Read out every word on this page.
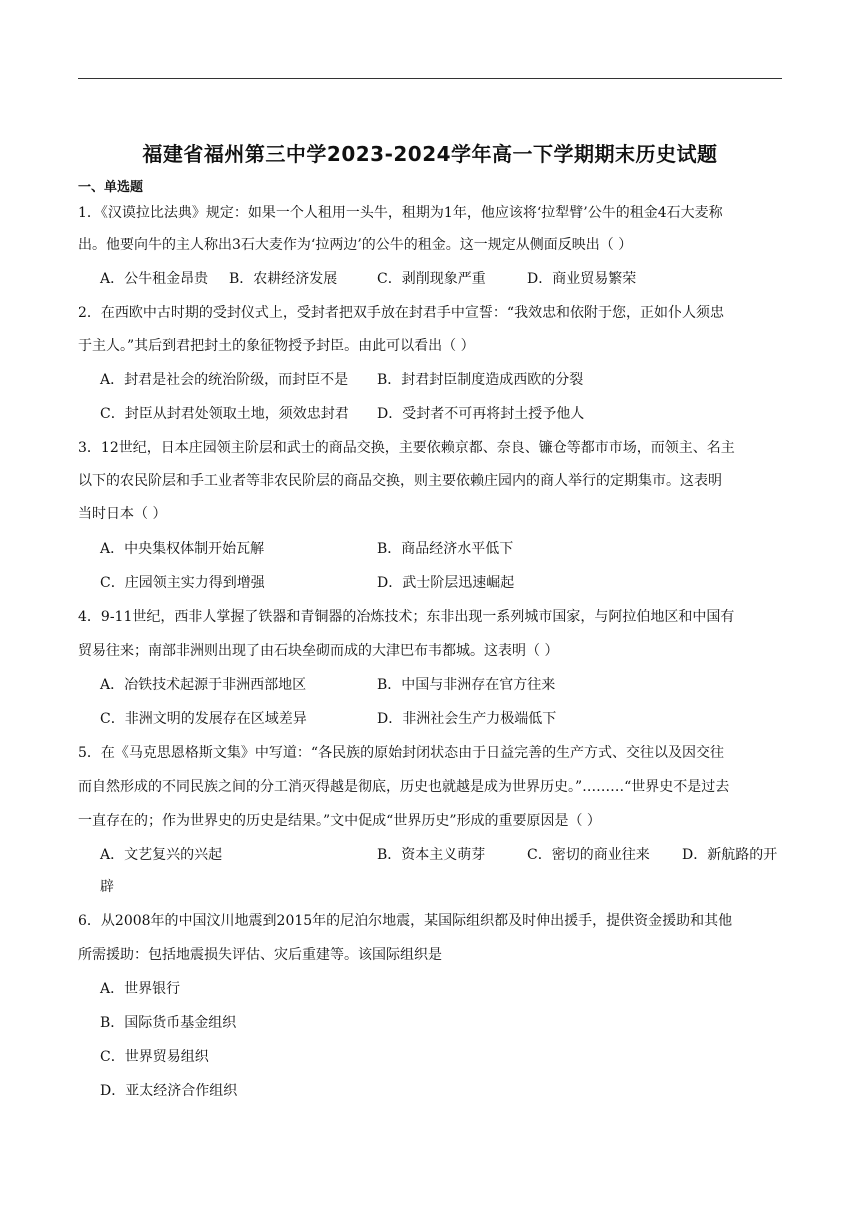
福建省福州第三中学2023-2024学年高一下学期期末历史试题
一、单选题
1．《汉谟拉比法典》规定：如果一个人租用一头牛，租期为1年，他应该将‘拉犁臂’公牛的租金4石大麦称
出。他要向牛的主人称出3石大麦作为‘拉两边’的公牛的租金。这一规定从侧面反映出（ ）
A．公牛租金昂贵 B．农耕经济发展	C．剥削现象严重	D．商业贸易繁荣
2．在西欧中古时期的受封仪式上，受封者把双手放在封君手中宣誓：“我效忠和依附于您，正如仆人须忠
于主人。”其后到君把封土的象征物授予封臣。由此可以看出（ ）
A．封君是社会的统治阶级，而封臣不是 B．封君封臣制度造成西欧的分裂
C．封臣从封君处领取土地，须效忠封君 D．受封者不可再将封土授予他人
3．12世纪，日本庄园领主阶层和武士的商品交换，主要依赖京都、奈良、镰仓等都市市场，而领主、名主
以下的农民阶层和手工业者等非农民阶层的商品交换，则主要依赖庄园内的商人举行的定期集市。这表明
当时日本（ ）
A．中央集权体制开始瓦解	B．商品经济水平低下
C．庄园领主实力得到增强	D．武士阶层迅速崛起
4．9-11世纪，西非人掌握了铁器和青铜器的冶炼技术；东非出现一系列城市国家，与阿拉伯地区和中国有
贸易往来；南部非洲则出现了由石块垒砌而成的大津巴布韦都城。这表明（ ）
A．冶铁技术起源于非洲西部地区	B．中国与非洲存在官方往来
C．非洲文明的发展存在区域差异	D．非洲社会生产力极端低下
5．在《马克思恩格斯文集》中写道：“各民族的原始封闭状态由于日益完善的生产方式、交往以及因交往
而自然形成的不同民族之间的分工消灭得越是彻底，历史也就越是成为世界历史。”………“世界史不是过去
一直存在的；作为世界史的历史是结果。”文中促成“世界历史”形成的重要原因是（ ）
A．文艺复兴的兴起	B．资本主义萌芽	C．密切的商业往来 D．新航路的开
辟
6．从2008年的中国汶川地震到2015年的尼泊尔地震，某国际组织都及时伸出援手，提供资金援助和其他
所需援助：包括地震损失评估、灾后重建等。该国际组织是
A．世界银行
B．国际货币基金组织
C．世界贸易组织
D．亚太经济合作组织
